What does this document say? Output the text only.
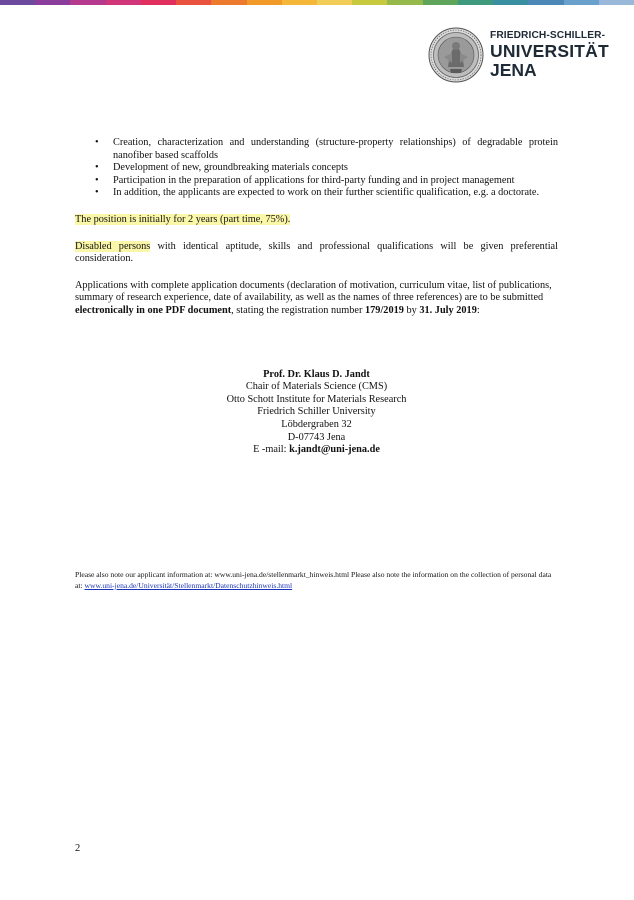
FRIEDRICH-SCHILLER-
UNIVERSITÄT
JENA
• Creation, characterization and understanding (structure-property relationships) of degradable protein nanofiber based scaffolds
• Development of new, groundbreaking materials concepts
• Participation in the preparation of applications for third-party funding and in project management
• In addition, the applicants are expected to work on their further scientific qualification, e.g. a doctorate.

The position is initially for 2 years (part time, 75%).

Disabled persons with identical aptitude, skills and professional qualifications will be given preferential consideration.

Applications with complete application documents (declaration of motivation, curriculum vitae, list of publications, summary of research experience, date of availability, as well as the names of three references) are to be submitted electronically in one PDF document, stating the registration number 179/2019 by 31. July 2019:

Prof. Dr. Klaus D. Jandt
Chair of Materials Science (CMS)
Otto Schott Institute for Materials Research
Friedrich Schiller University
Löbdergraben 32
D-07743 Jena
E -mail: k.jandt@uni-jena.de
Please also note our applicant information at: www.uni-jena.de/stellenmarkt_hinweis.html Please also note the information on the collection of personal data at: www.uni-jena.de/Universität/Stellenmarkt/Datenschutzhinweis.html
2
